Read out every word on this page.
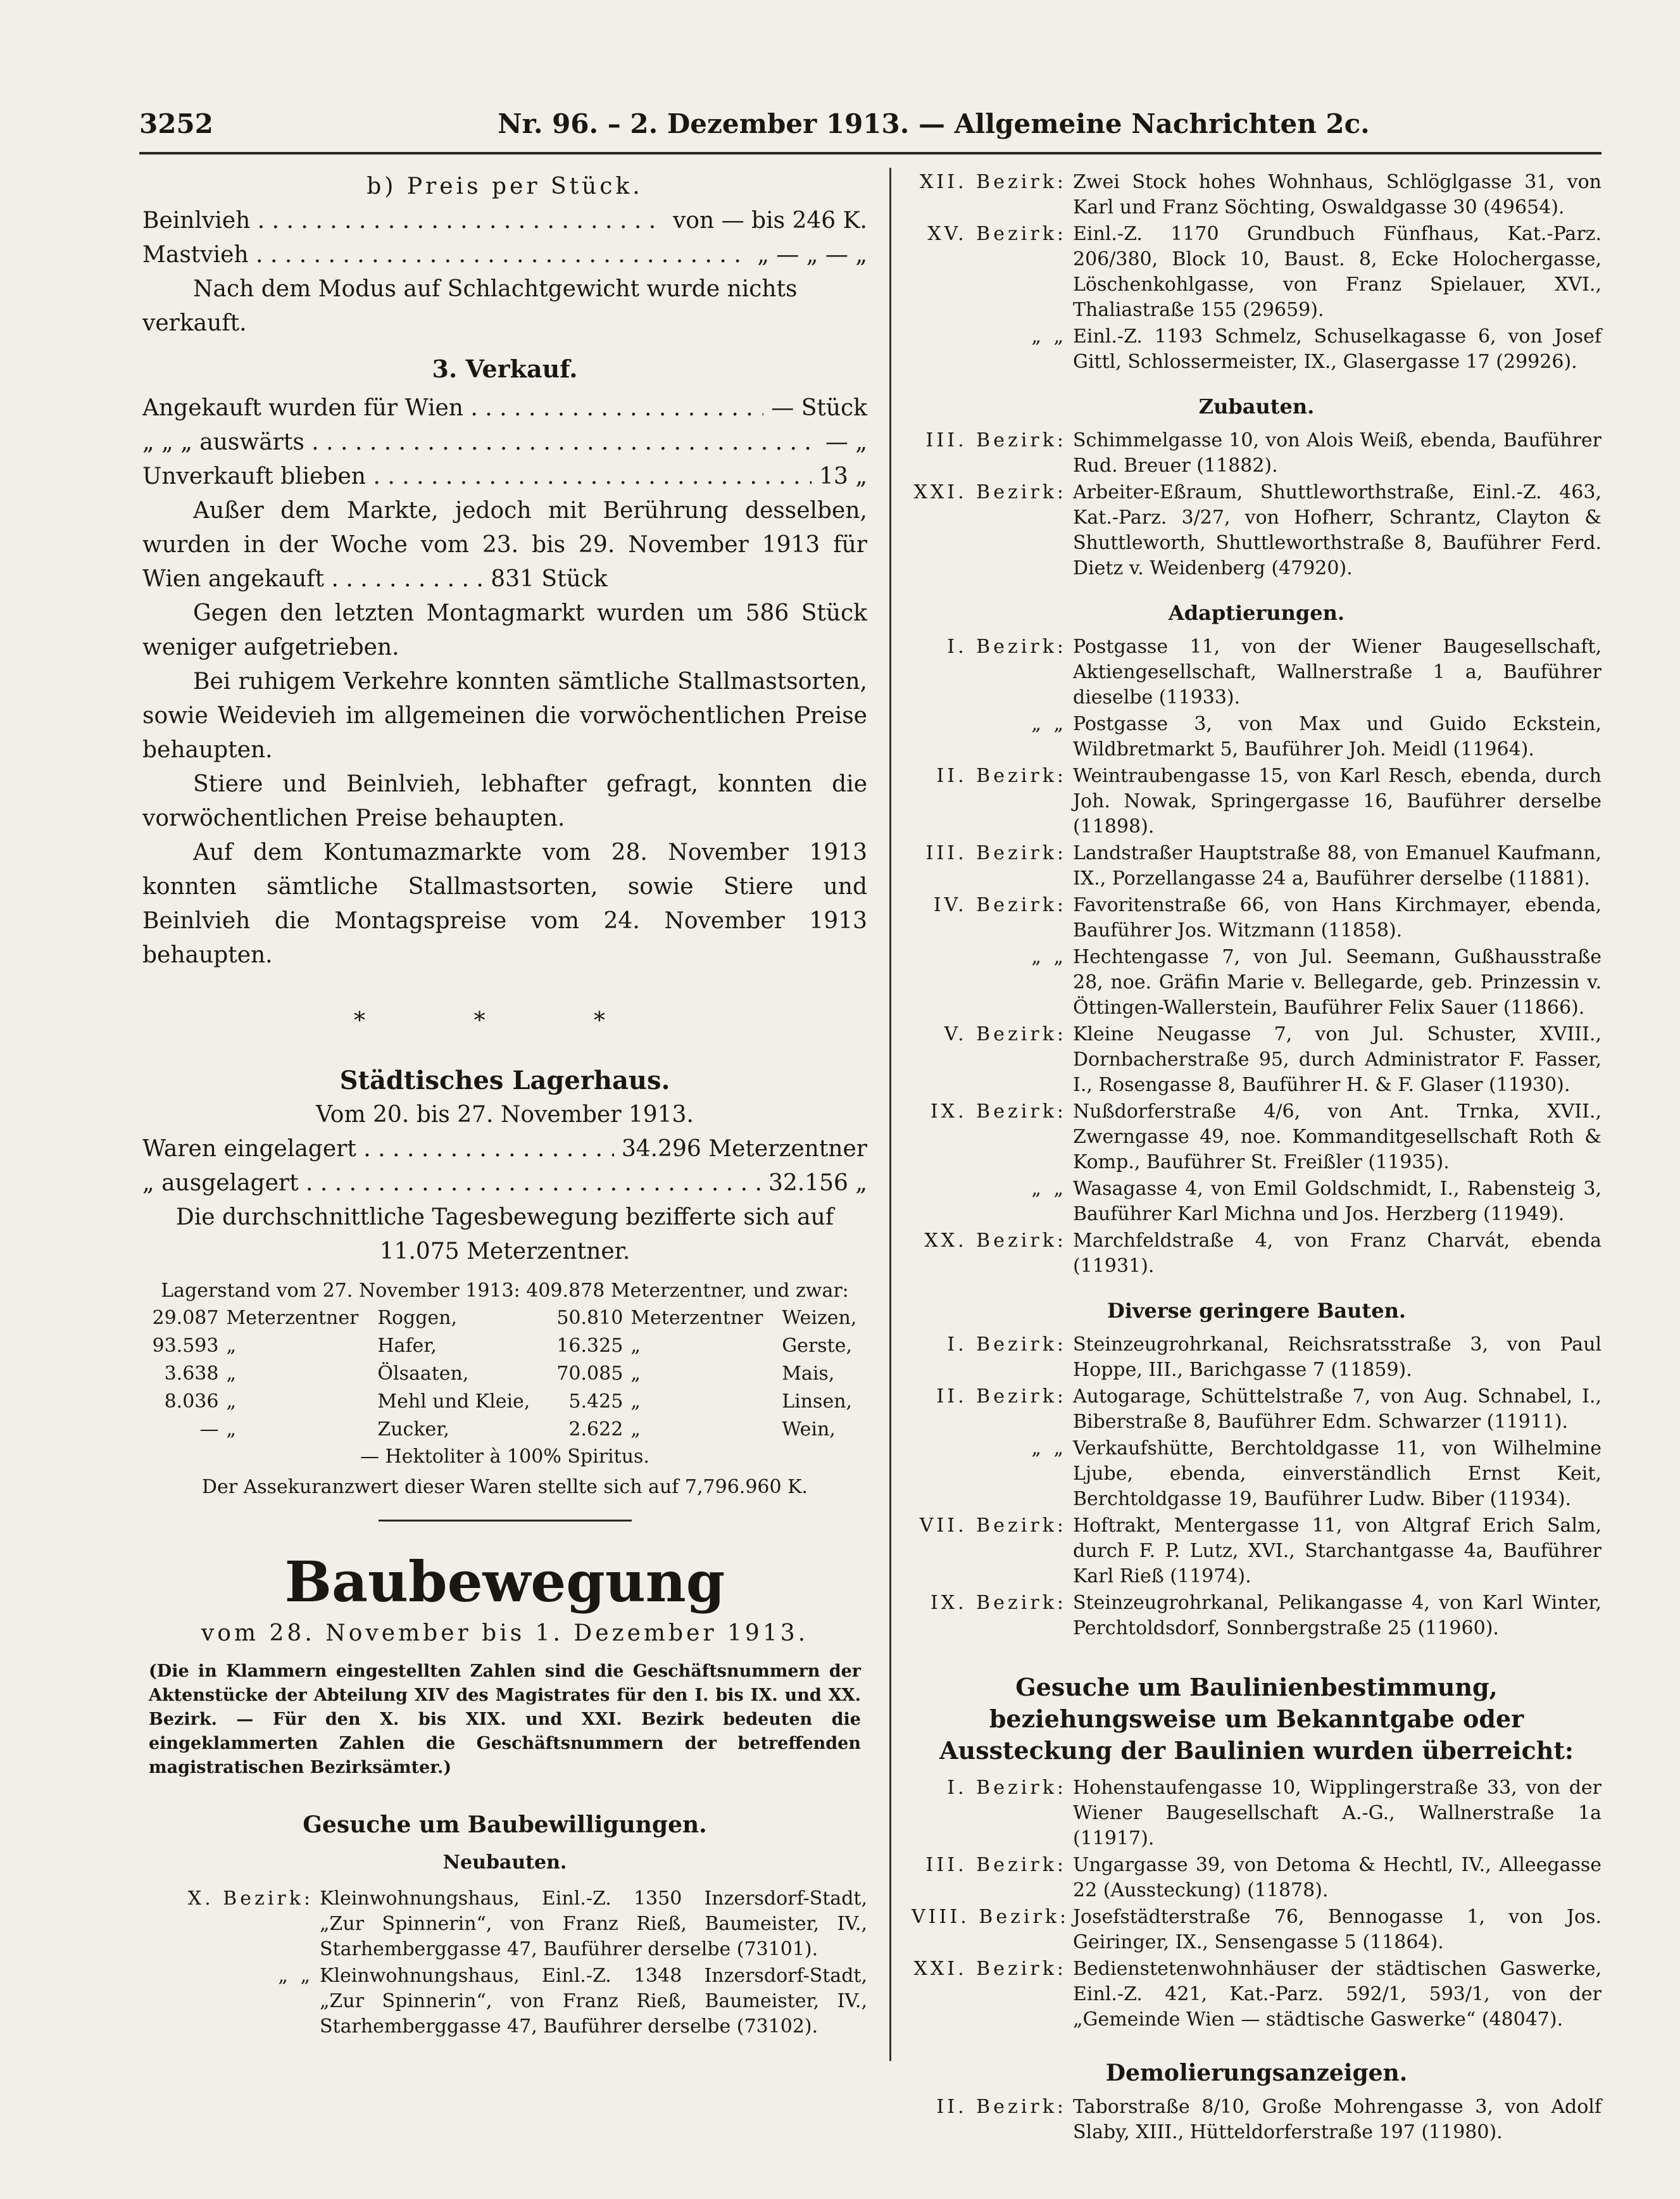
3252	Nr. 96. – 2. Dezember 1913. — Allgemeine Nachrichten 2c.
b) Preis per Stück.
Beinlvieh . . .	von — bis 246 K.
Mastvieh . . .	„ — „ — „
Nach dem Modus auf Schlachtgewicht wurde nichts verkauft.
3. Verkauf.
Angekauft wurden für Wien . . .	— Stück
„ „ „ auswärts . . .	— „
Unverkauft blieben . . .	13 „
Außer dem Markte, jedoch mit Berührung desselben, wurden in der Woche vom 23. bis 29. November 1913 für Wien angekauft . . . . . . . . . . . 831 Stück
Gegen den letzten Montagmarkt wurden um 586 Stück weniger aufgetrieben.
Bei ruhigem Verkehre konnten sämtliche Stallmastsorten, sowie Weidevieh im allgemeinen die vorwöchentlichen Preise behaupten.
Stiere und Beinlvieh, lebhafter gefragt, konnten die vorwöchentlichen Preise behaupten.
Auf dem Kontumazmarkte vom 28. November 1913 konnten sämtliche Stallmastsorten, sowie Stiere und Beinlvieh die Montagspreise vom 24. November 1913 behaupten.
* * *
Städtisches Lagerhaus.
Vom 20. bis 27. November 1913.
Waren eingelagert . . .	34.296 Meterzentner
„ ausgelagert . . .	32.156 „
Die durchschnittliche Tagesbewegung bezifferte sich auf 11.075 Meterzentner.
Lagerstand vom 27. November 1913: 409.878 Meterzentner, und zwar:
29.087	Meterzentner	Roggen,	50.810	Meterzentner	Weizen,
93.593	„	Hafer,	16.325	„	Gerste,
3.638	„	Ölsaaten,	70.085	„	Mais,
8.036	„	Mehl und Kleie,	5.425	„	Linsen,
—	„	Zucker,	2.622	„	Wein,
— Hektoliter à 100% Spiritus.
Der Assekuranzwert dieser Waren stellte sich auf 7,796.960 K.
Baubewegung
vom 28. November bis 1. Dezember 1913.
(Die in Klammern eingestellten Zahlen sind die Geschäftsnummern der Aktenstücke der Abteilung XIV des Magistrates für den I. bis IX. und XX. Bezirk. — Für den X. bis XIX. und XXI. Bezirk bedeuten die eingeklammerten Zahlen die Geschäftsnummern der betreffenden magistratischen Bezirksämter.)
Gesuche um Baubewilligungen.
Neubauten.
X. Bezirk: Kleinwohnungshaus, Einl.-Z. 1350 Inzersdorf-Stadt, „Zur Spinnerin“, von Franz Rieß, Baumeister, IV., Starhemberggasse 47, Bauführer derselbe (73101).
„ „ Kleinwohnungshaus, Einl.-Z. 1348 Inzersdorf-Stadt, „Zur Spinnerin“, von Franz Rieß, Baumeister, IV., Starhemberggasse 47, Bauführer derselbe (73102).
XII. Bezirk: Zwei Stock hohes Wohnhaus, Schlöglgasse 31, von Karl und Franz Söchting, Oswaldgasse 30 (49654).
XV. Bezirk: Einl.-Z. 1170 Grundbuch Fünfhaus, Kat.-Parz. 206/380, Block 10, Baust. 8, Ecke Holochergasse, Löschenkohlgasse, von Franz Spielauer, XVI., Thaliastraße 155 (29659).
„ „ Einl.-Z. 1193 Schmelz, Schuselkagasse 6, von Josef Gittl, Schlossermeister, IX., Glasergasse 17 (29926).
Zubauten.
III. Bezirk: Schimmelgasse 10, von Alois Weiß, ebenda, Bauführer Rud. Breuer (11882).
XXI. Bezirk: Arbeiter-Eßraum, Shuttleworthstraße, Einl.-Z. 463, Kat.-Parz. 3/27, von Hofherr, Schrantz, Clayton & Shuttleworth, Shuttleworthstraße 8, Bauführer Ferd. Dietz v. Weidenberg (47920).
Adaptierungen.
I. Bezirk: Postgasse 11, von der Wiener Baugesellschaft, Aktiengesellschaft, Wallnerstraße 1 a, Bauführer dieselbe (11933).
„ „ Postgasse 3, von Max und Guido Eckstein, Wildbretmarkt 5, Bauführer Joh. Meidl (11964).
II. Bezirk: Weintraubengasse 15, von Karl Resch, ebenda, durch Joh. Nowak, Springergasse 16, Bauführer derselbe (11898).
III. Bezirk: Landstraßer Hauptstraße 88, von Emanuel Kaufmann, IX., Porzellangasse 24 a, Bauführer derselbe (11881).
IV. Bezirk: Favoritenstraße 66, von Hans Kirchmayer, ebenda, Bauführer Jos. Witzmann (11858).
„ „ Hechtengasse 7, von Jul. Seemann, Gußhausstraße 28, noe. Gräfin Marie v. Bellegarde, geb. Prinzessin v. Öttingen-Wallerstein, Bauführer Felix Sauer (11866).
V. Bezirk: Kleine Neugasse 7, von Jul. Schuster, XVIII., Dornbacherstraße 95, durch Administrator F. Fasser, I., Rosengasse 8, Bauführer H. & F. Glaser (11930).
IX. Bezirk: Nußdorferstraße 4/6, von Ant. Trnka, XVII., Zwerngasse 49, noe. Kommanditgesellschaft Roth & Komp., Bauführer St. Freißler (11935).
„ „ Wasagasse 4, von Emil Goldschmidt, I., Rabensteig 3, Bauführer Karl Michna und Jos. Herzberg (11949).
XX. Bezirk: Marchfeldstraße 4, von Franz Charvát, ebenda (11931).
Diverse geringere Bauten.
I. Bezirk: Steinzeugrohrkanal, Reichsratsstraße 3, von Paul Hoppe, III., Barichgasse 7 (11859).
II. Bezirk: Autogarage, Schüttelstraße 7, von Aug. Schnabel, I., Biberstraße 8, Bauführer Edm. Schwarzer (11911).
„ „ Verkaufshütte, Berchtoldgasse 11, von Wilhelmine Ljube, ebenda, einverständlich Ernst Keit, Berchtoldgasse 19, Bauführer Ludw. Biber (11934).
VII. Bezirk: Hoftrakt, Mentergasse 11, von Altgraf Erich Salm, durch F. P. Lutz, XVI., Starchantgasse 4a, Bauführer Karl Rieß (11974).
IX. Bezirk: Steinzeugrohrkanal, Pelikangasse 4, von Karl Winter, Perchtoldsdorf, Sonnbergstraße 25 (11960).
Gesuche um Baulinienbestimmung, beziehungsweise um Bekanntgabe oder Aussteckung der Baulinien wurden überreicht:
I. Bezirk: Hohenstaufengasse 10, Wipplingerstraße 33, von der Wiener Baugesellschaft A.-G., Wallnerstraße 1a (11917).
III. Bezirk: Ungargasse 39, von Detoma & Hechtl, IV., Alleegasse 22 (Aussteckung) (11878).
VIII. Bezirk: Josefstädterstraße 76, Bennogasse 1, von Jos. Geiringer, IX., Sensengasse 5 (11864).
XXI. Bezirk: Bedienstetenwohnhäuser der städtischen Gaswerke, Einl.-Z. 421, Kat.-Parz. 592/1, 593/1, von der „Gemeinde Wien — städtische Gaswerke“ (48047).
Demolierungsanzeigen.
II. Bezirk: Taborstraße 8/10, Große Mohrengasse 3, von Adolf Slaby, XIII., Hütteldorferstraße 197 (11980).
